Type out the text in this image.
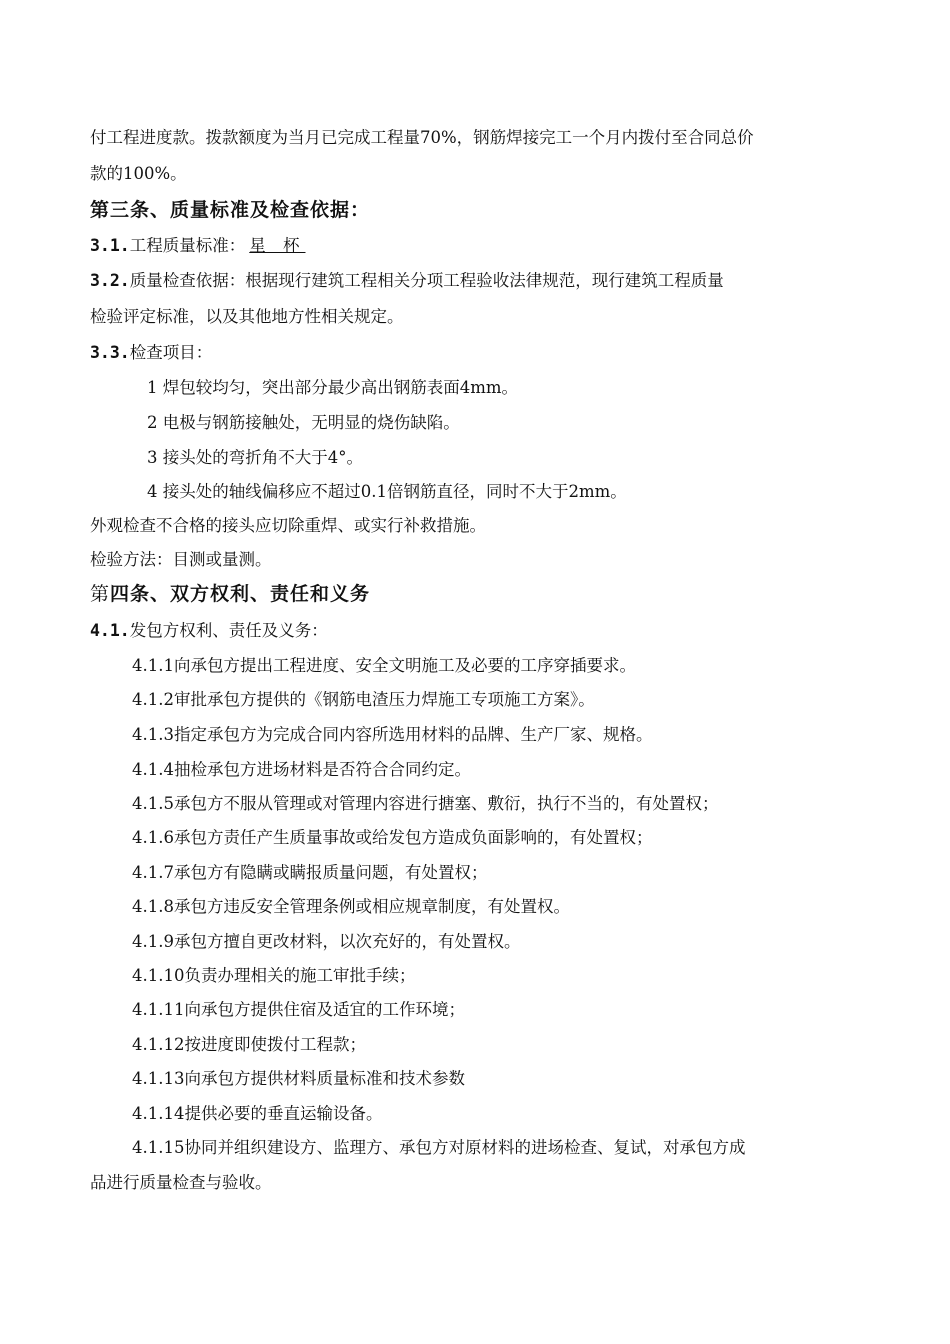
付工程进度款。拨款额度为当月已完成工程量70%，钢筋焊接完工一个月内拨付至合同总价
款的100%。
第三条、质量标准及检查依据：
3.1.工程质量标准： 星 杯
3.2.质量检查依据：根据现行建筑工程相关分项工程验收法律规范，现行建筑工程质量
检验评定标准，以及其他地方性相关规定。
3.3.检查项目：
1 焊包较均匀，突出部分最少高出钢筋表面4mm。
2 电极与钢筋接触处，无明显的烧伤缺陷。
3 接头处的弯折角不大于4°。
4 接头处的轴线偏移应不超过0.1倍钢筋直径，同时不大于2mm。
外观检查不合格的接头应切除重焊、或实行补救措施。
检验方法：目测或量测。
第四条、双方权利、责任和义务
4.1.发包方权利、责任及义务：
4.1.1向承包方提出工程进度、安全文明施工及必要的工序穿插要求。
4.1.2审批承包方提供的《钢筋电渣压力焊施工专项施工方案》。
4.1.3指定承包方为完成合同内容所选用材料的品牌、生产厂家、规格。
4.1.4抽检承包方进场材料是否符合合同约定。
4.1.5承包方不服从管理或对管理内容进行搪塞、敷衍，执行不当的，有处置权；
4.1.6承包方责任产生质量事故或给发包方造成负面影响的，有处置权；
4.1.7承包方有隐瞒或瞒报质量问题，有处置权；
4.1.8承包方违反安全管理条例或相应规章制度，有处置权。
4.1.9承包方擅自更改材料，以次充好的，有处置权。
4.1.10负责办理相关的施工审批手续；
4.1.11向承包方提供住宿及适宜的工作环境；
4.1.12按进度即使拨付工程款；
4.1.13向承包方提供材料质量标准和技术参数
4.1.14提供必要的垂直运输设备。
4.1.15协同并组织建设方、监理方、承包方对原材料的进场检查、复试，对承包方成
品进行质量检查与验收。
